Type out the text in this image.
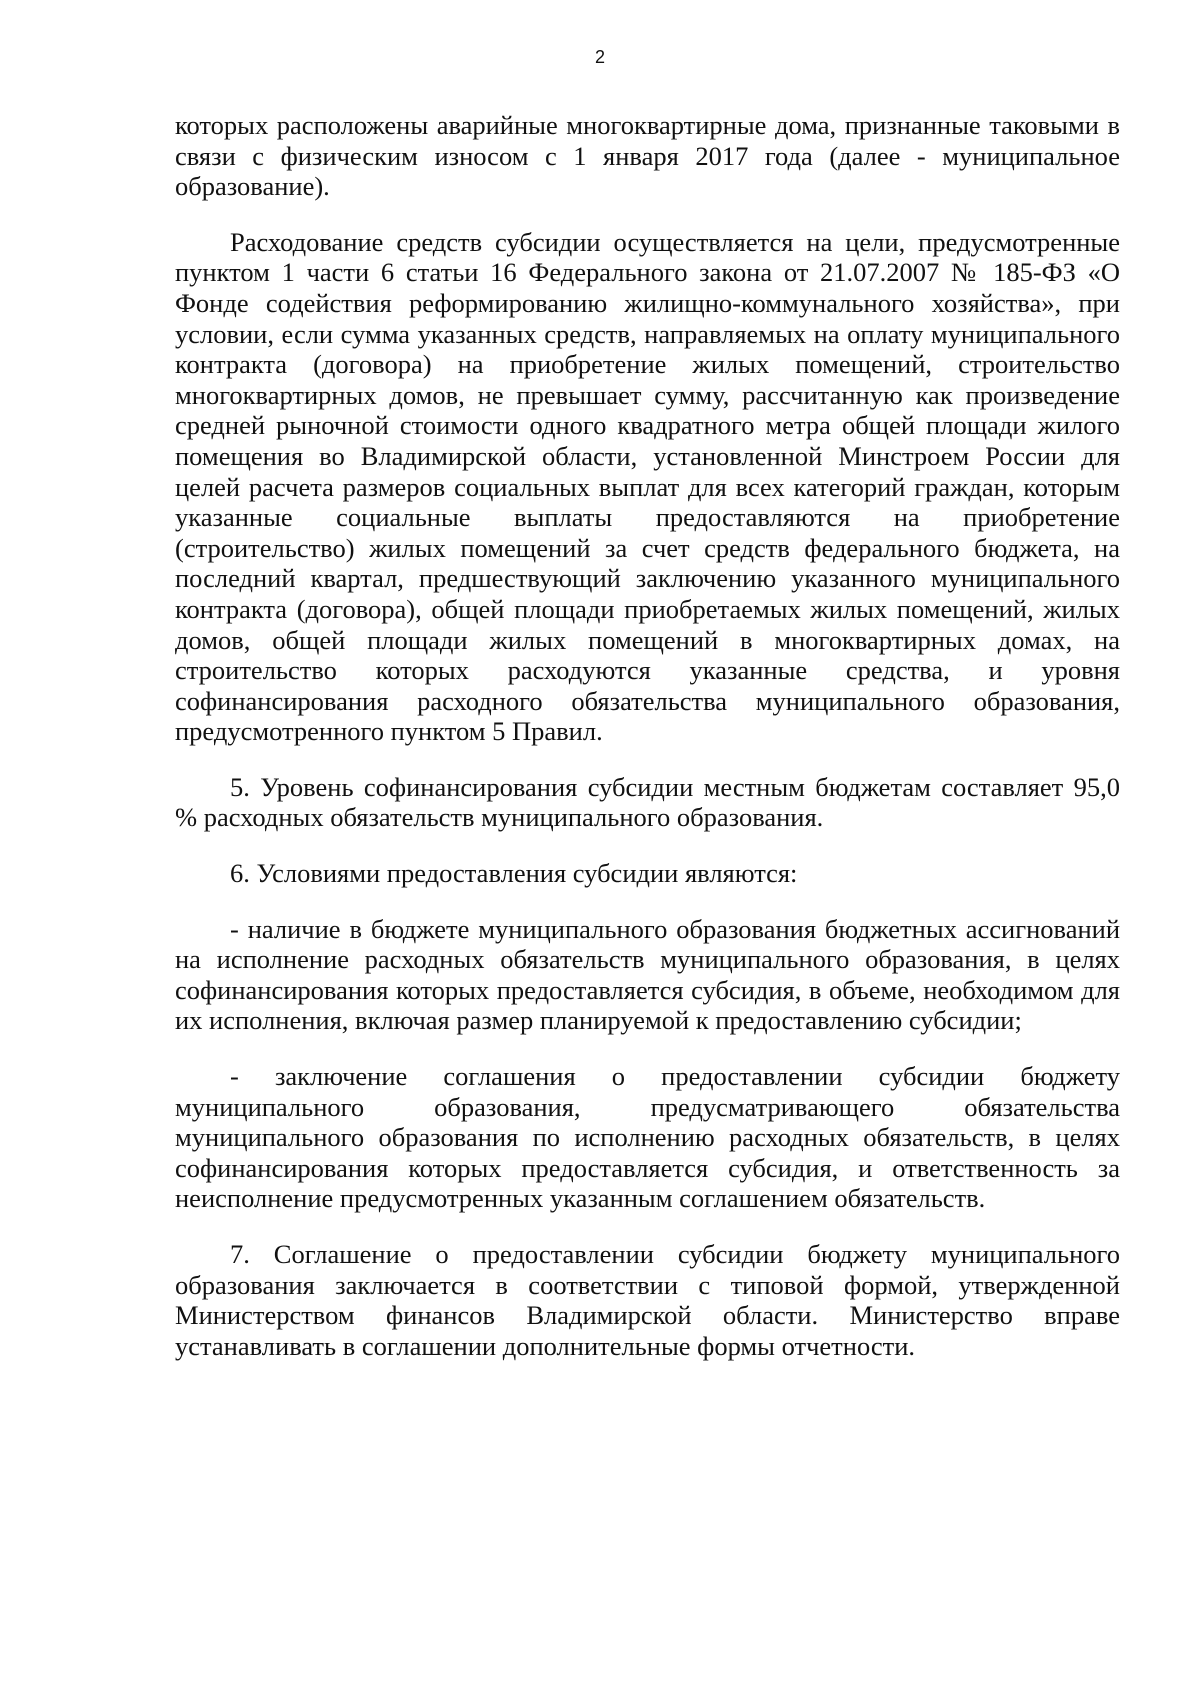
2

которых расположены аварийные многоквартирные дома, признанные таковыми в связи с физическим износом с 1 января 2017 года (далее - муниципальное образование).

Расходование средств субсидии осуществляется на цели, предусмотренные пунктом 1 части 6 статьи 16 Федерального закона от 21.07.2007 № 185-ФЗ «О Фонде содействия реформированию жилищно-коммунального хозяйства», при условии, если сумма указанных средств, направляемых на оплату муниципального контракта (договора) на приобретение жилых помещений, строительство многоквартирных домов, не превышает сумму, рассчитанную как произведение средней рыночной стоимости одного квадратного метра общей площади жилого помещения во Владимирской области, установленной Минстроем России для целей расчета размеров социальных выплат для всех категорий граждан, которым указанные социальные выплаты предоставляются на приобретение (строительство) жилых помещений за счет средств федерального бюджета, на последний квартал, предшествующий заключению указанного муниципального контракта (договора), общей площади приобретаемых жилых помещений, жилых домов, общей площади жилых помещений в многоквартирных домах, на строительство которых расходуются указанные средства, и уровня софинансирования расходного обязательства муниципального образования, предусмотренного пунктом 5 Правил.

5. Уровень софинансирования субсидии местным бюджетам составляет 95,0 % расходных обязательств муниципального образования.

6. Условиями предоставления субсидии являются:

- наличие в бюджете муниципального образования бюджетных ассигнований на исполнение расходных обязательств муниципального образования, в целях софинансирования которых предоставляется субсидия, в объеме, необходимом для их исполнения, включая размер планируемой к предоставлению субсидии;

- заключение соглашения о предоставлении субсидии бюджету муниципального образования, предусматривающего обязательства муниципального образования по исполнению расходных обязательств, в целях софинансирования которых предоставляется субсидия, и ответственность за неисполнение предусмотренных указанным соглашением обязательств.

7. Соглашение о предоставлении субсидии бюджету муниципального образования заключается в соответствии с типовой формой, утвержденной Министерством финансов Владимирской области. Министерство вправе устанавливать в соглашении дополнительные формы отчетности.
